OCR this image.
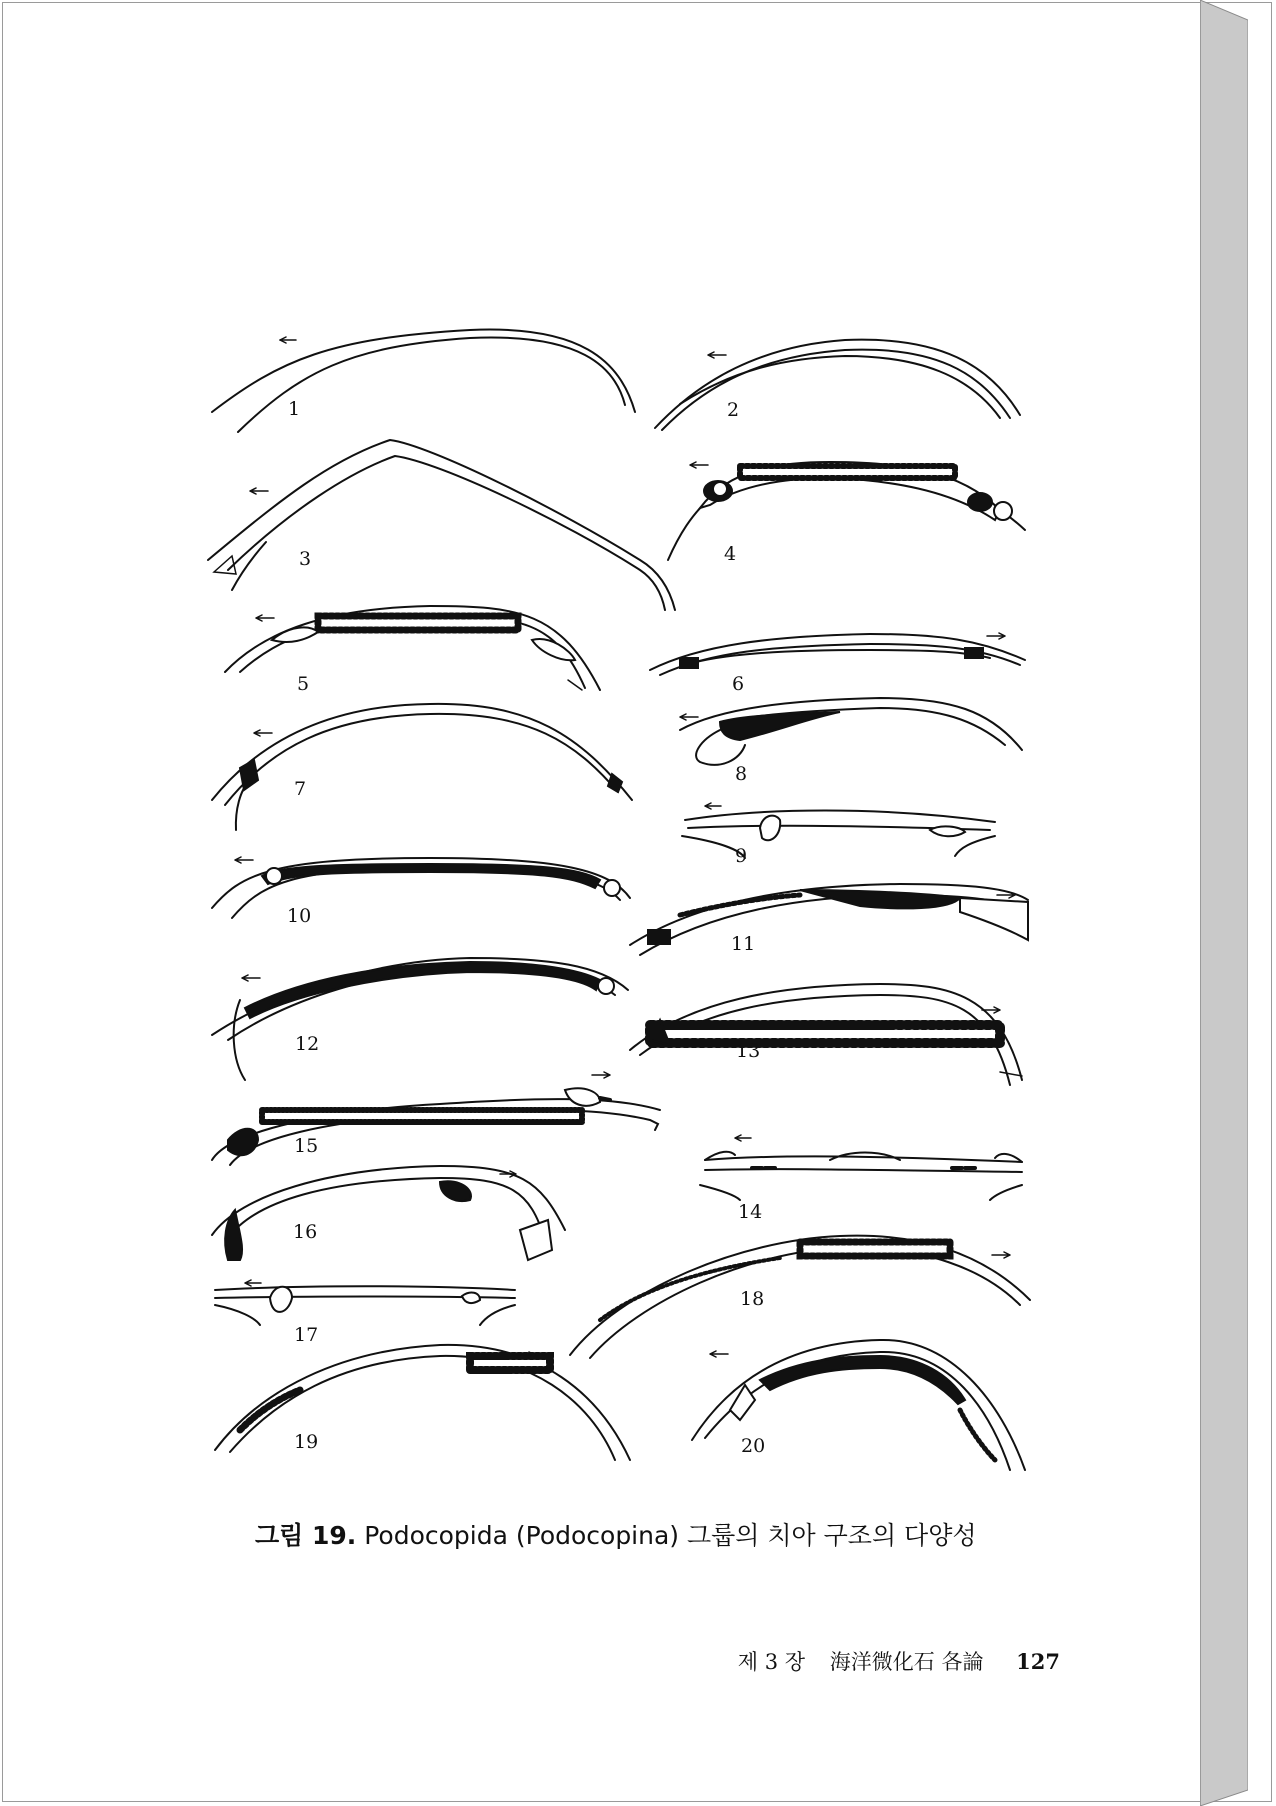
1	2
3	4
5	6
7
8
9
10
11
12	13
14
15
16
17
18
19	20
그림 19. Podocopida (Podocopina) 그룹의 치아 구조의 다양성
제 3 장 海洋微化石 各論 127
